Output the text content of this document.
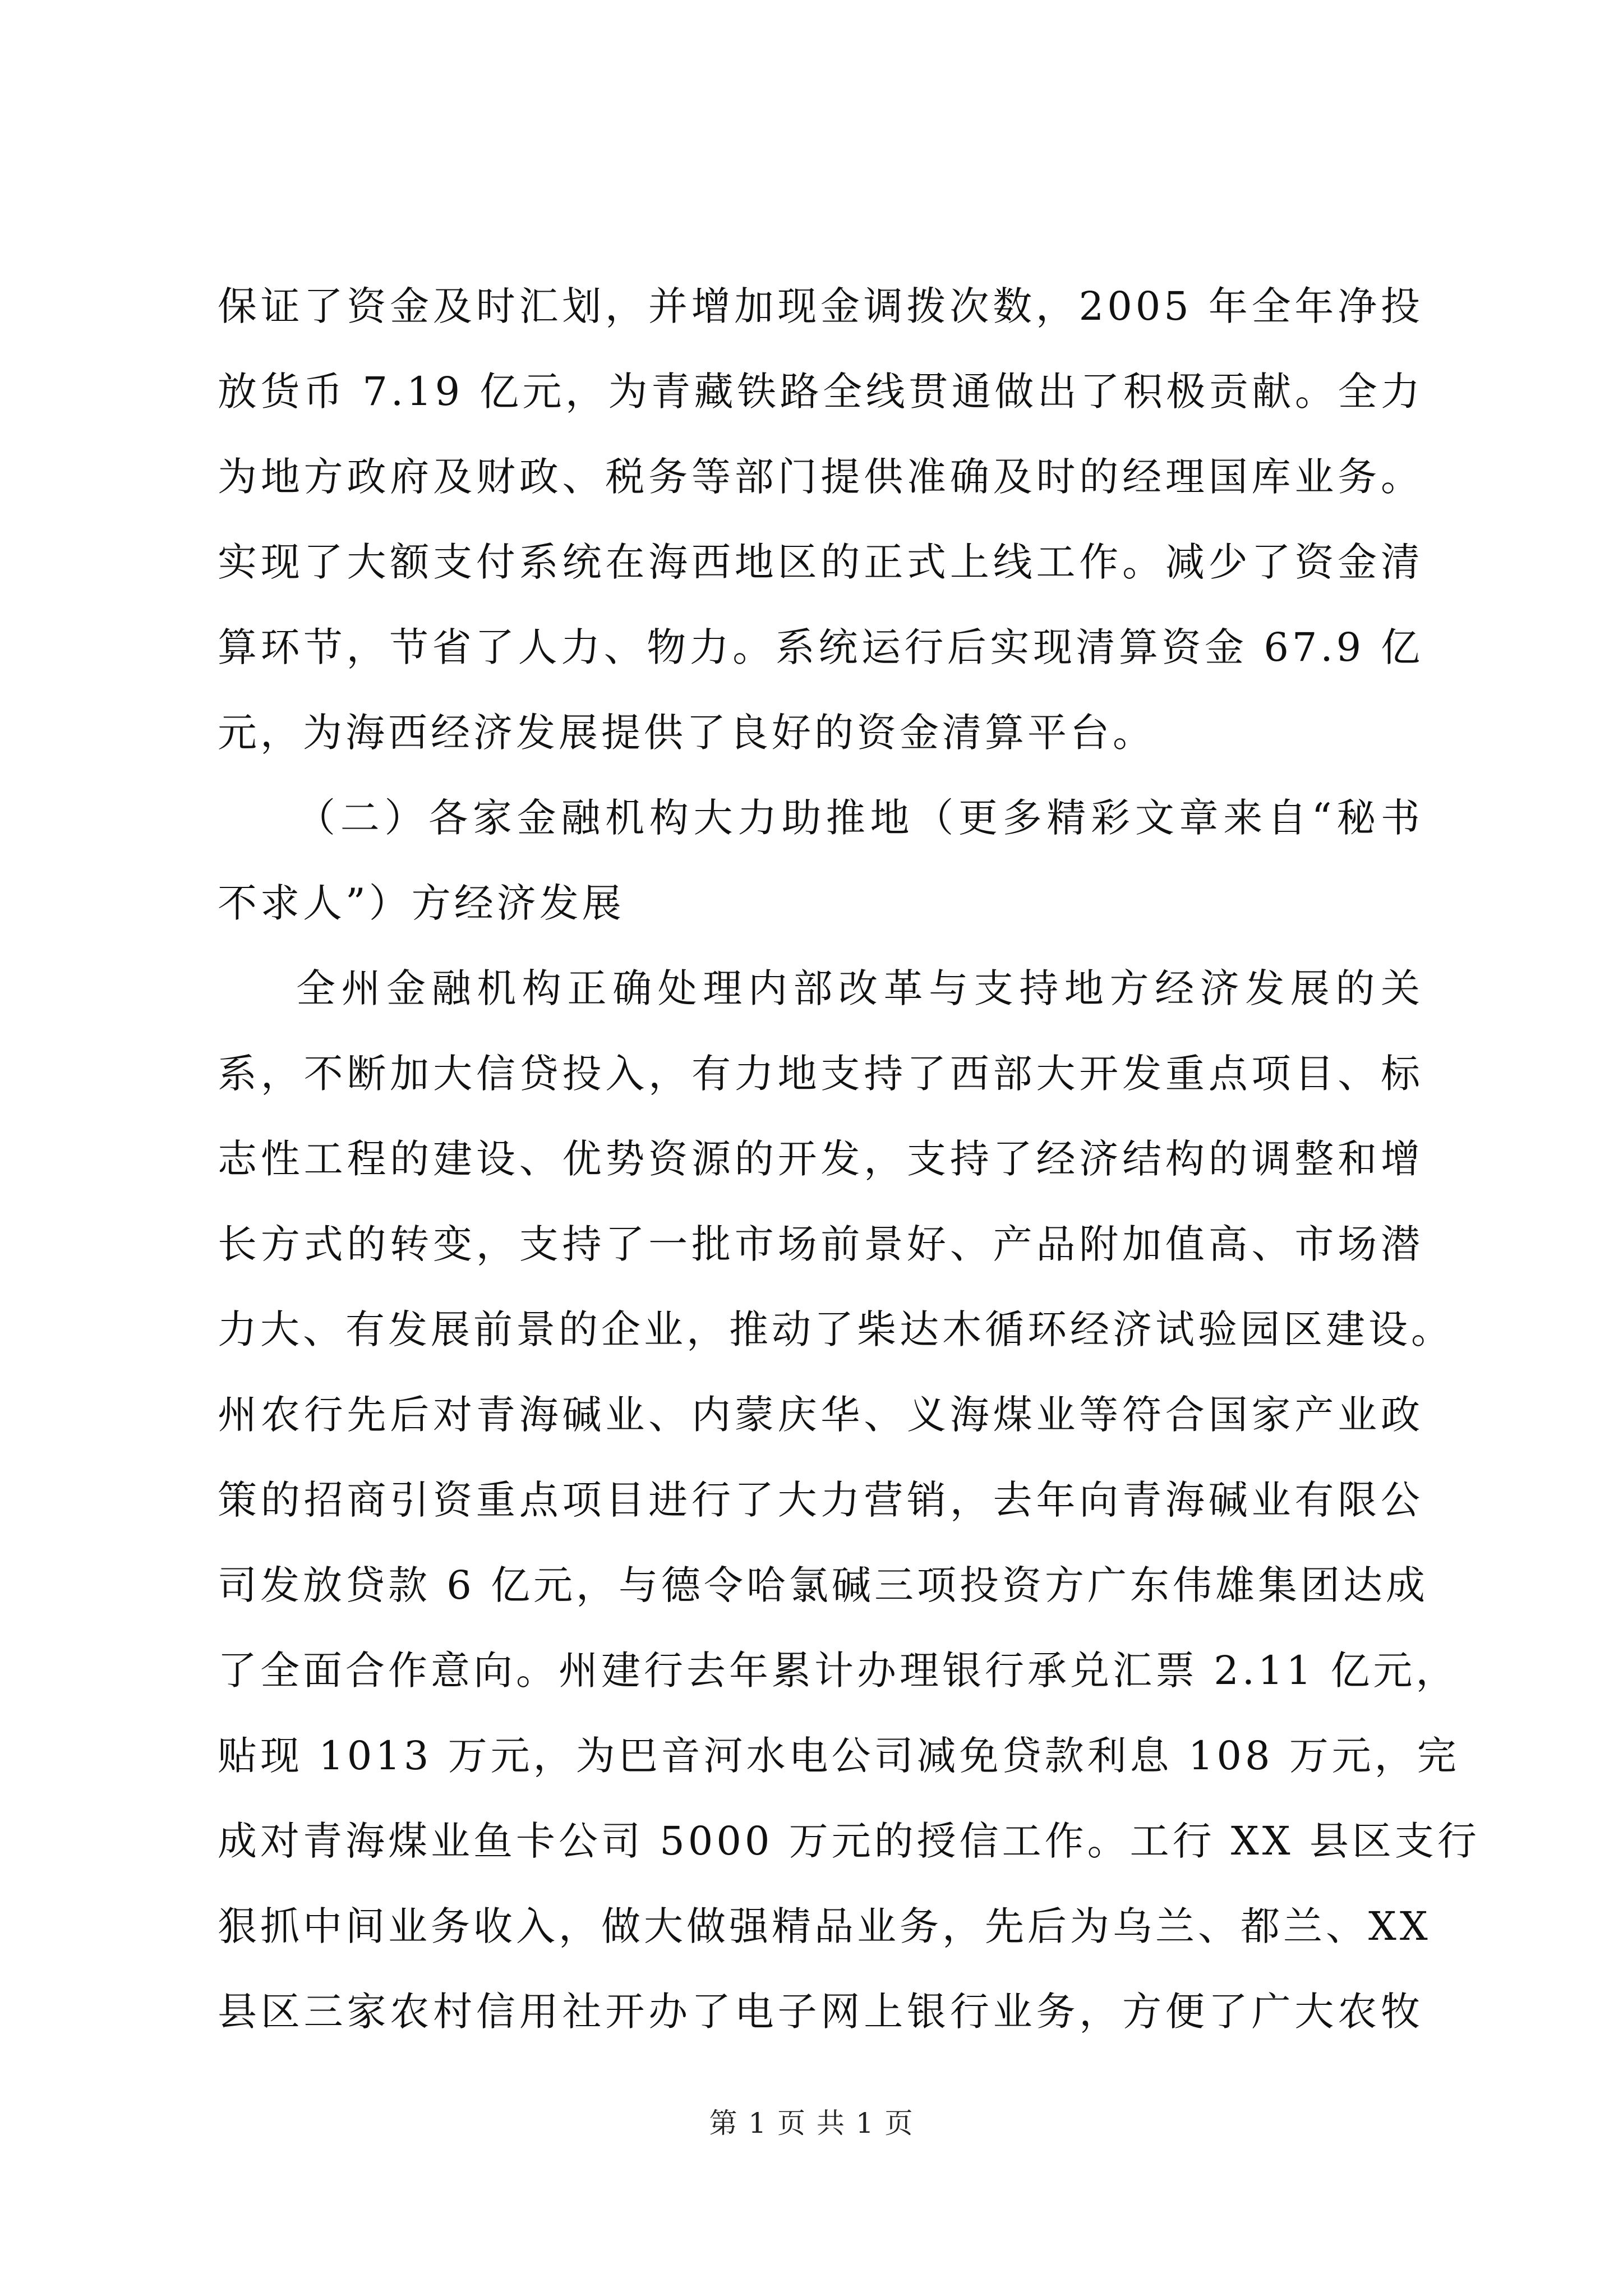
保证了资金及时汇划，并增加现金调拨次数，2005 年全年净投
放货币 7.19 亿元，为青藏铁路全线贯通做出了积极贡献。全力
为地方政府及财政、税务等部门提供准确及时的经理国库业务。
实现了大额支付系统在海西地区的正式上线工作。减少了资金清
算环节，节省了人力、物力。系统运行后实现清算资金 67.9 亿
元，为海西经济发展提供了良好的资金清算平台。
（二）各家金融机构大力助推地（更多精彩文章来自“秘书
不求人”）方经济发展
全州金融机构正确处理内部改革与支持地方经济发展的关
系，不断加大信贷投入，有力地支持了西部大开发重点项目、标
志性工程的建设、优势资源的开发，支持了经济结构的调整和增
长方式的转变，支持了一批市场前景好、产品附加值高、市场潜
力大、有发展前景的企业，推动了柴达木循环经济试验园区建设。
州农行先后对青海碱业、内蒙庆华、义海煤业等符合国家产业政
策的招商引资重点项目进行了大力营销，去年向青海碱业有限公
司发放贷款 6 亿元，与德令哈氯碱三项投资方广东伟雄集团达成
了全面合作意向。州建行去年累计办理银行承兑汇票 2.11 亿元，
贴现 1013 万元，为巴音河水电公司减免贷款利息 108 万元，完
成对青海煤业鱼卡公司 5000 万元的授信工作。工行 XX 县区支行
狠抓中间业务收入，做大做强精品业务，先后为乌兰、都兰、XX
县区三家农村信用社开办了电子网上银行业务，方便了广大农牧
第 1 页 共 1 页
